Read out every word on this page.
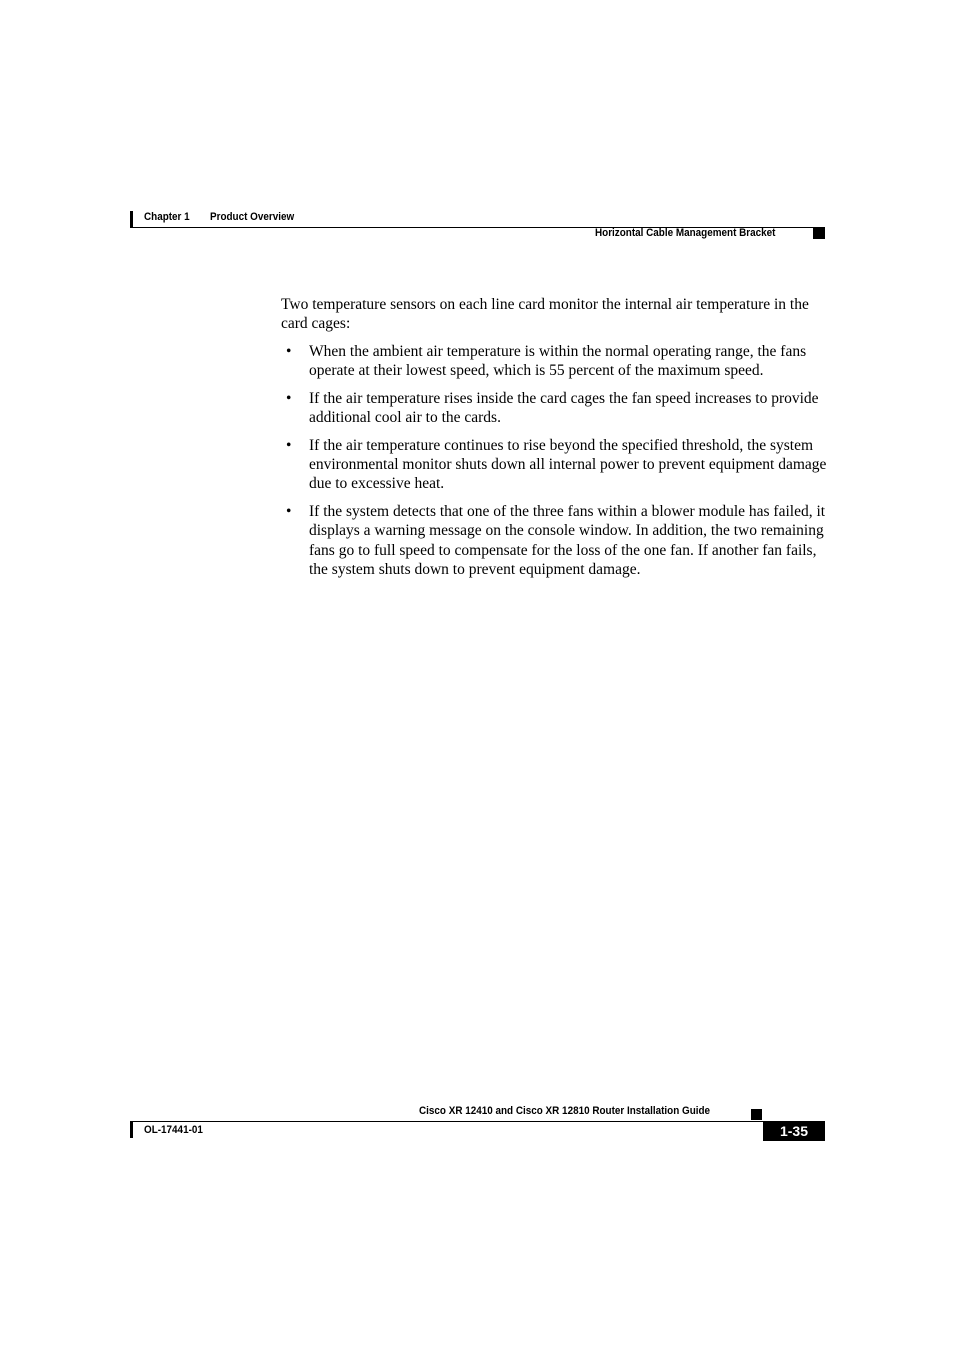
Chapter 1 Product Overview
Horizontal Cable Management Bracket

Two temperature sensors on each line card monitor the internal air temperature in the card cages:

• When the ambient air temperature is within the normal operating range, the fans operate at their lowest speed, which is 55 percent of the maximum speed.
• If the air temperature rises inside the card cages the fan speed increases to provide additional cool air to the cards.
• If the air temperature continues to rise beyond the specified threshold, the system environmental monitor shuts down all internal power to prevent equipment damage due to excessive heat.
• If the system detects that one of the three fans within a blower module has failed, it displays a warning message on the console window. In addition, the two remaining fans go to full speed to compensate for the loss of the one fan. If another fan fails, the system shuts down to prevent equipment damage.
Cisco XR 12410 and Cisco XR 12810 Router Installation Guide
OL-17441-01	1-35
